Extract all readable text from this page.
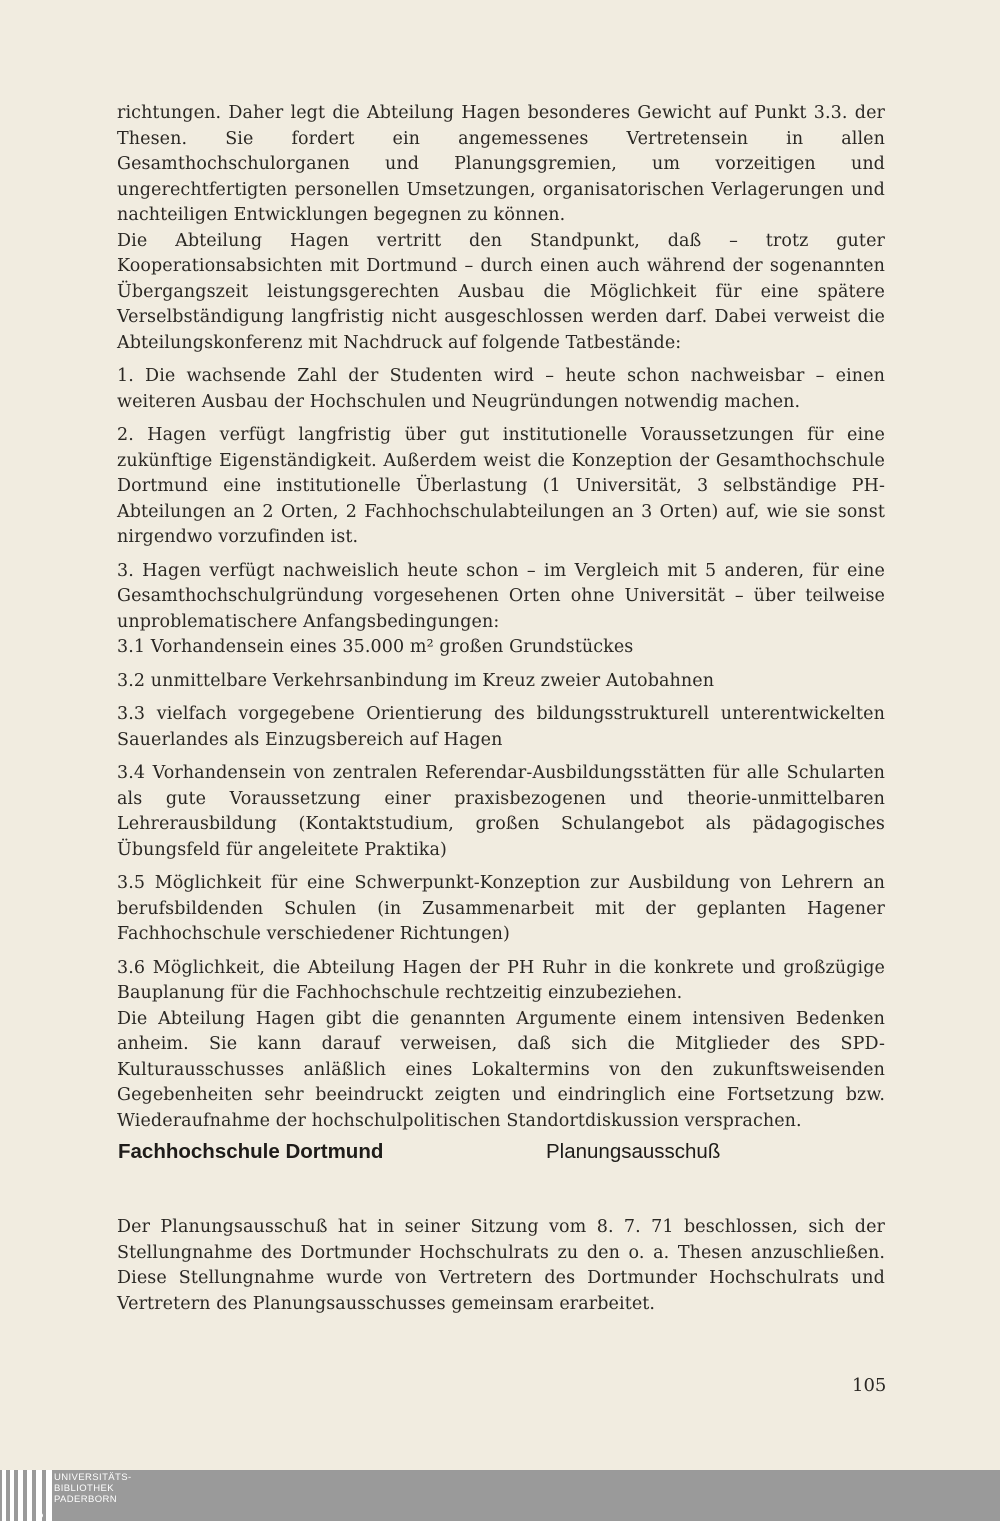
richtungen. Daher legt die Abteilung Hagen besonderes Gewicht auf Punkt 3.3. der Thesen. Sie fordert ein angemessenes Vertretensein in allen Gesamthochschulorganen und Planungsgremien, um vorzeitigen und ungerechtfertigten personellen Umsetzungen, organisatorischen Verlagerungen und nachteiligen Entwicklungen begegnen zu können.

Die Abteilung Hagen vertritt den Standpunkt, daß – trotz guter Kooperationsabsichten mit Dortmund – durch einen auch während der sogenannten Übergangszeit leistungsgerechten Ausbau die Möglichkeit für eine spätere Verselbständigung langfristig nicht ausgeschlossen werden darf. Dabei verweist die Abteilungskonferenz mit Nachdruck auf folgende Tatbestände:

1. Die wachsende Zahl der Studenten wird – heute schon nachweisbar – einen weiteren Ausbau der Hochschulen und Neugründungen notwendig machen.

2. Hagen verfügt langfristig über gut institutionelle Voraussetzungen für eine zukünftige Eigenständigkeit. Außerdem weist die Konzeption der Gesamthochschule Dortmund eine institutionelle Überlastung (1 Universität, 3 selbständige PH-Abteilungen an 2 Orten, 2 Fachhochschulabteilungen an 3 Orten) auf, wie sie sonst nirgendwo vorzufinden ist.

3. Hagen verfügt nachweislich heute schon – im Vergleich mit 5 anderen, für eine Gesamthochschulgründung vorgesehenen Orten ohne Universität – über teilweise unproblematischere Anfangsbedingungen:

3.1 Vorhandensein eines 35.000 m² großen Grundstückes

3.2 unmittelbare Verkehrsanbindung im Kreuz zweier Autobahnen

3.3 vielfach vorgegebene Orientierung des bildungsstrukturell unterentwickelten Sauerlandes als Einzugsbereich auf Hagen

3.4 Vorhandensein von zentralen Referendar-Ausbildungsstätten für alle Schularten als gute Voraussetzung einer praxisbezogenen und theorie-unmittelbaren Lehrerausbildung (Kontaktstudium, großen Schulangebot als pädagogisches Übungsfeld für angeleitete Praktika)

3.5 Möglichkeit für eine Schwerpunkt-Konzeption zur Ausbildung von Lehrern an berufsbildenden Schulen (in Zusammenarbeit mit der geplanten Hagener Fachhochschule verschiedener Richtungen)

3.6 Möglichkeit, die Abteilung Hagen der PH Ruhr in die konkrete und großzügige Bauplanung für die Fachhochschule rechtzeitig einzubeziehen.

Die Abteilung Hagen gibt die genannten Argumente einem intensiven Bedenken anheim. Sie kann darauf verweisen, daß sich die Mitglieder des SPD-Kulturausschusses anläßlich eines Lokaltermins von den zukunftsweisenden Gegebenheiten sehr beeindruckt zeigten und eindringlich eine Fortsetzung bzw. Wiederaufnahme der hochschulpolitischen Standortdiskussion versprachen.

Fachhochschule Dortmund	Planungsausschuß

Der Planungsausschuß hat in seiner Sitzung vom 8. 7. 71 beschlossen, sich der Stellungnahme des Dortmunder Hochschulrats zu den o. a. Thesen anzuschließen. Diese Stellungnahme wurde von Vertretern des Dortmunder Hochschulrats und Vertretern des Planungsausschusses gemeinsam erarbeitet.

105
UNIVERSITÄTS-
BIBLIOTHEK
PADERBORN
